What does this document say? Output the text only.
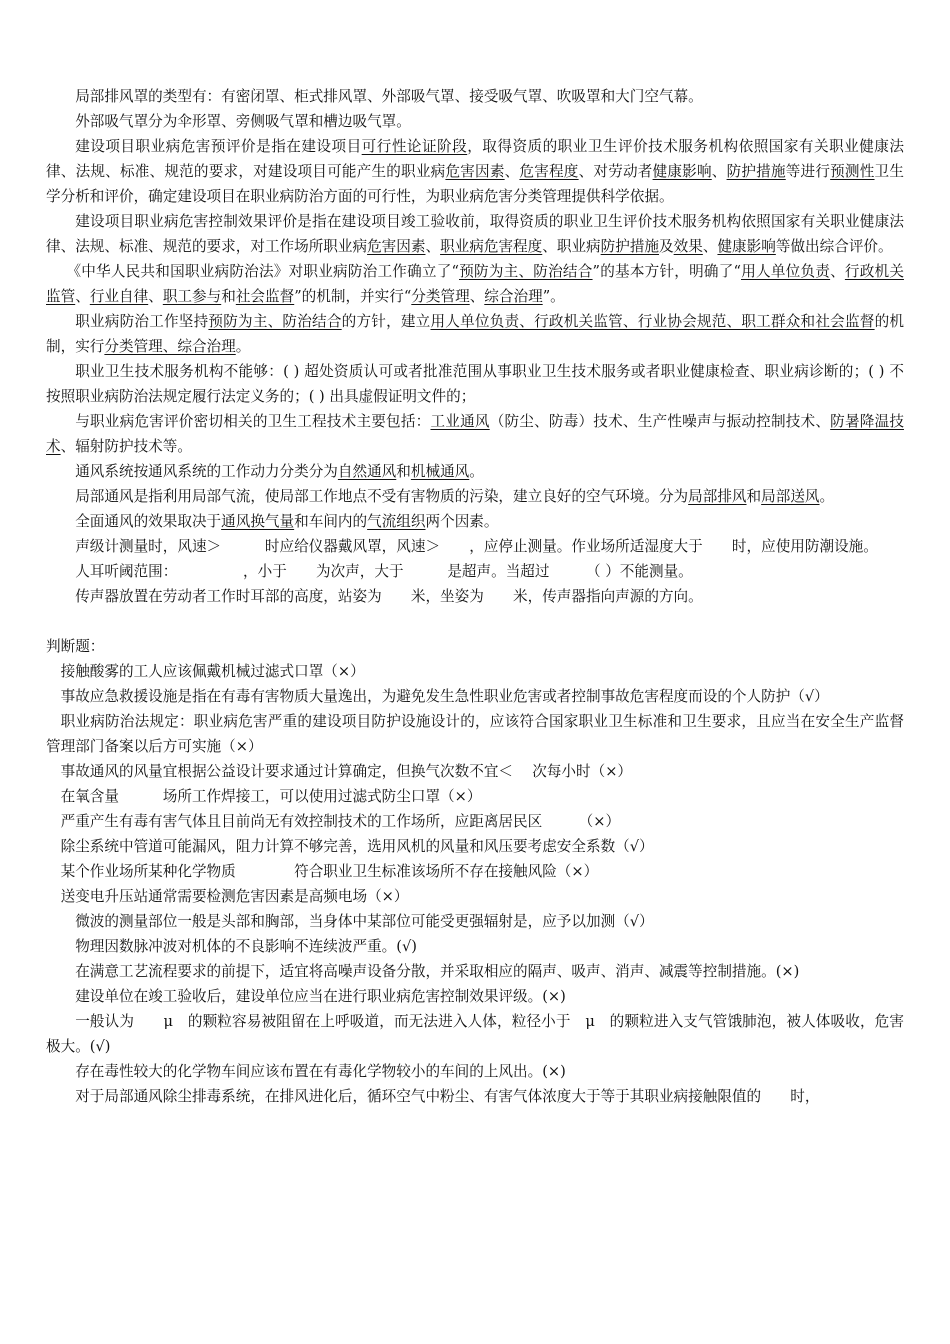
局部排风罩的类型有：有密闭罩、柜式排风罩、外部吸气罩、接受吸气罩、吹吸罩和大门空气幕。

外部吸气罩分为伞形罩、旁侧吸气罩和槽边吸气罩。

建设项目职业病危害预评价是指在建设项目可行性论证阶段，取得资质的职业卫生评价技术服务机构依照国家有关职业健康法律、法规、标准、规范的要求，对建设项目可能产生的职业病危害因素、危害程度、对劳动者健康影响、防护措施等进行预测性卫生学分析和评价，确定建设项目在职业病防治方面的可行性，为职业病危害分类管理提供科学依据。

建设项目职业病危害控制效果评价是指在建设项目竣工验收前，取得资质的职业卫生评价技术服务机构依照国家有关职业健康法律、法规、标准、规范的要求，对工作场所职业病危害因素、职业病危害程度、职业病防护措施及效果、健康影响等做出综合评价。

《中华人民共和国职业病防治法》对职业病防治工作确立了“预防为主、防治结合”的基本方针，明确了“用人单位负责、行政机关监管、行业自律、职工参与和社会监督”的机制，并实行“分类管理、综合治理”。

职业病防治工作坚持预防为主、防治结合的方针，建立用人单位负责、行政机关监管、行业协会规范、职工群众和社会监督的机制，实行分类管理、综合治理。

职业卫生技术服务机构不能够：( ) 超处资质认可或者批准范围从事职业卫生技术服务或者职业健康检查、职业病诊断的；( ) 不按照职业病防治法规定履行法定义务的；( ) 出具虚假证明文件的；

与职业病危害评价密切相关的卫生工程技术主要包括：工业通风（防尘、防毒）技术、生产性噪声与振动控制技术、防暑降温技术、辐射防护技术等。

通风系统按通风系统的工作动力分类分为自然通风和机械通风。

局部通风是指利用局部气流，使局部工作地点不受有害物质的污染，建立良好的空气环境。分为局部排风和局部送风。

全面通风的效果取决于通风换气量和车间内的气流组织两个因素。

声级计测量时，风速＞　　　时应给仪器戴风罩，风速＞　　，应停止测量。作业场所适湿度大于　　时，应使用防潮设施。

人耳听阈范围：　　　　　，小于　　为次声，大于　　　是超声。当超过　　　（ ）不能测量。

传声器放置在劳动者工作时耳部的高度，站姿为　　米，坐姿为　　米，传声器指向声源的方向。

判断题：

接触酸雾的工人应该佩戴机械过滤式口罩（×）

事故应急救援设施是指在有毒有害物质大量逸出，为避免发生急性职业危害或者控制事故危害程度而设的个人防护（√）

职业病防治法规定：职业病危害严重的建设项目防护设施设计的，应该符合国家职业卫生标准和卫生要求，且应当在安全生产监督管理部门备案以后方可实施（×）

事故通风的风量宜根据公益设计要求通过计算确定，但换气次数不宜＜　 次每小时（×）

在氧含量　　　场所工作焊接工，可以使用过滤式防尘口罩（×）

严重产生有毒有害气体且目前尚无有效控制技术的工作场所，应距离居民区　　　（×）

除尘系统中管道可能漏风，阻力计算不够完善，选用风机的风量和风压要考虑安全系数（√）

某个作业场所某种化学物质　　　　符合职业卫生标准该场所不存在接触风险（×）

送变电升压站通常需要检测危害因素是高频电场（×）

微波的测量部位一般是头部和胸部，当身体中某部位可能受更强辐射是，应予以加测（√）

物理因数脉冲波对机体的不良影响不连续波严重。(√)

在满意工艺流程要求的前提下，适宜将高噪声设备分散，并采取相应的隔声、吸声、消声、减震等控制措施。(×)

建设单位在竣工验收后，建设单位应当在进行职业病危害控制效果评级。(×)

一般认为　　μ　的颗粒容易被阻留在上呼吸道，而无法进入人体，粒径小于　μ　的颗粒进入支气管饿肺泡，被人体吸收，危害极大。(√)

存在毒性较大的化学物车间应该布置在有毒化学物较小的车间的上风出。(×)

对于局部通风除尘排毒系统，在排风进化后，循环空气中粉尘、有害气体浓度大于等于其职业病接触限值的　　时，
